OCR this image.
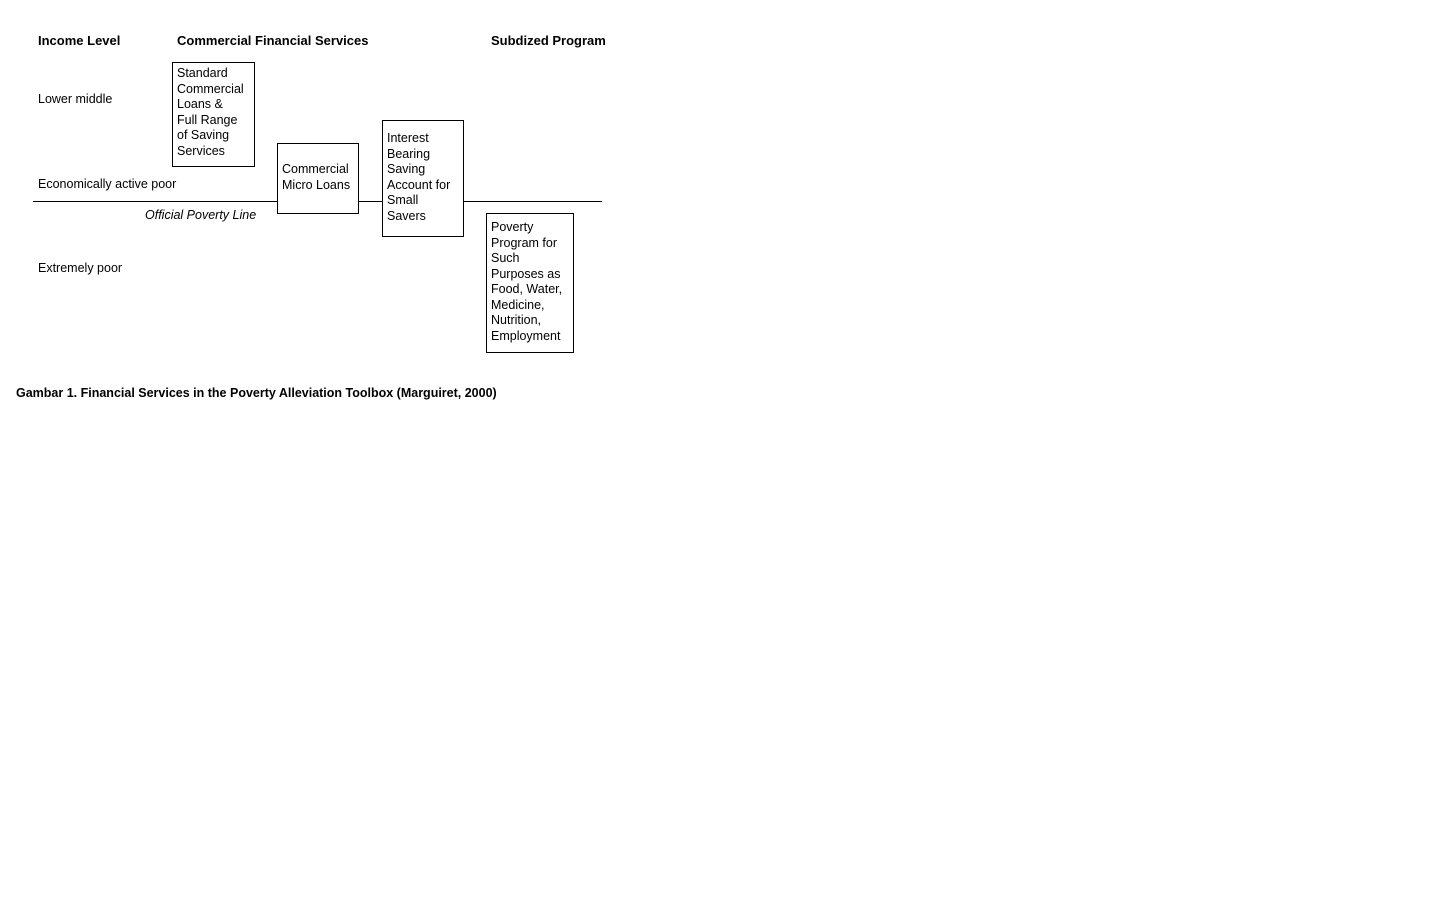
Income Level	Commercial Financial Services	Subdized Program
Lower middle
Economically active poor
Extremely poor
Official Poverty Line
Standard
Commercial
Loans &
Full Range
of Saving
Services
Commercial
Micro Loans
Interest
Bearing
Saving
Account for
Small
Savers
Poverty
Program for
Such
Purposes as
Food, Water,
Medicine,
Nutrition,
Employment
Gambar 1. Financial Services in the Poverty Alleviation Toolbox (Marguiret, 2000)
